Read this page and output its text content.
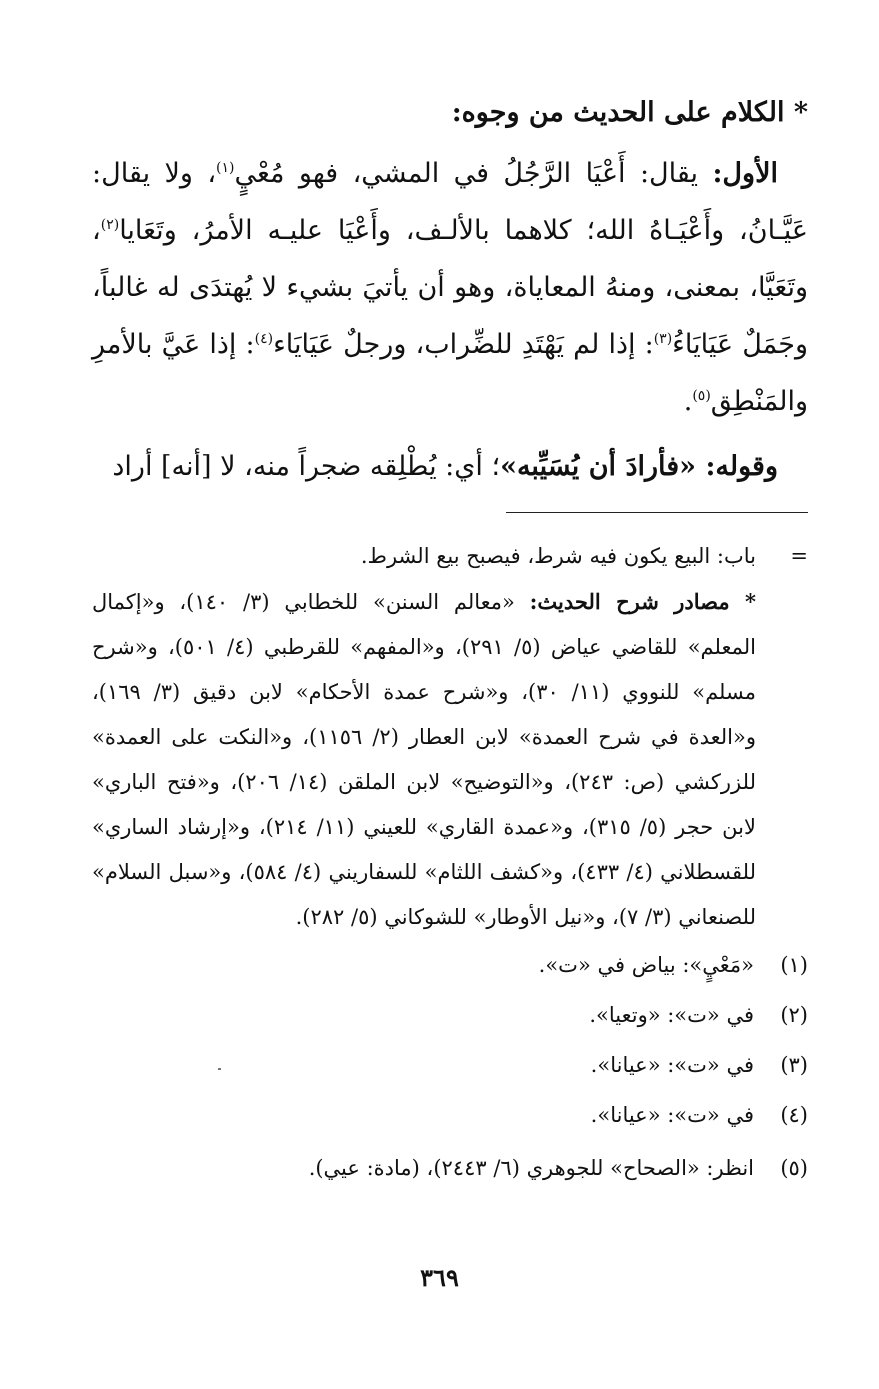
* الكلام على الحديث من وجوه:

الأول: يقال: أَعْيَا الرَّجُلُ في المشي، فهو مُعْيٍ$^{(١)}$، ولا يقال: عَيَّـانُ، وأَعْيَـاهُ الله؛ كلاهما بالألـف، وأَعْيَا عليـه الأمرُ، وتَعَايا$^{(٢)}$، وتَعَيَّا، بمعنى، ومنهُ المعاياة، وهو أن يأتيَ بشيء لا يُهتدَى له غالباً، وجَمَلٌ عَيَايَاءُ$^{(٣)}$: إذا لم يَهْتَدِ للضِّراب، ورجلٌ عَيَايَاء$^{(٤)}$: إذا عَيَّ بالأمرِ والمَنْطِق$^{(٥)}$.

وقوله: «فأرادَ أن يُسَيِّبه»؛ أي: يُطْلِقه ضجراً منه، لا [أنه] أراد

=باب: البيع يكون فيه شرط، فيصبح بيع الشرط.

* مصادر شرح الحديث: «معالم السنن» للخطابي (٣/ ١٤٠)، و«إكمال المعلم» للقاضي عياض (٥/ ٢٩١)، و«المفهم» للقرطبي (٤/ ٥٠١)، و«شرح مسلم» للنووي (١١/ ٣٠)، و«شرح عمدة الأحكام» لابن دقيق (٣/ ١٦٩)، و«العدة في شرح العمدة» لابن العطار (٢/ ١١٥٦)، و«النكت على العمدة» للزركشي (ص: ٢٤٣)، و«التوضيح» لابن الملقن (١٤/ ٢٠٦)، و«فتح الباري» لابن حجر (٥/ ٣١٥)، و«عمدة القاري» للعيني (١١/ ٢١٤)، و«إرشاد الساري» للقسطلاني (٤/ ٤٣٣)، و«كشف اللثام» للسفاريني (٤/ ٥٨٤)، و«سبل السلام» للصنعاني (٣/ ٧)، و«نيل الأوطار» للشوكاني (٥/ ٢٨٢).

(١)
«مَعْيٍ»: بياض في «ت».
(٢)
في «ت»: «وتعيا».
(٣)
في «ت»: «عيانا».
(٤)
في «ت»: «عيانا».
(٥)
انظر: «الصحاح» للجوهري (٦/ ٢٤٤٣)، (مادة: عيي).
٣٦٩
